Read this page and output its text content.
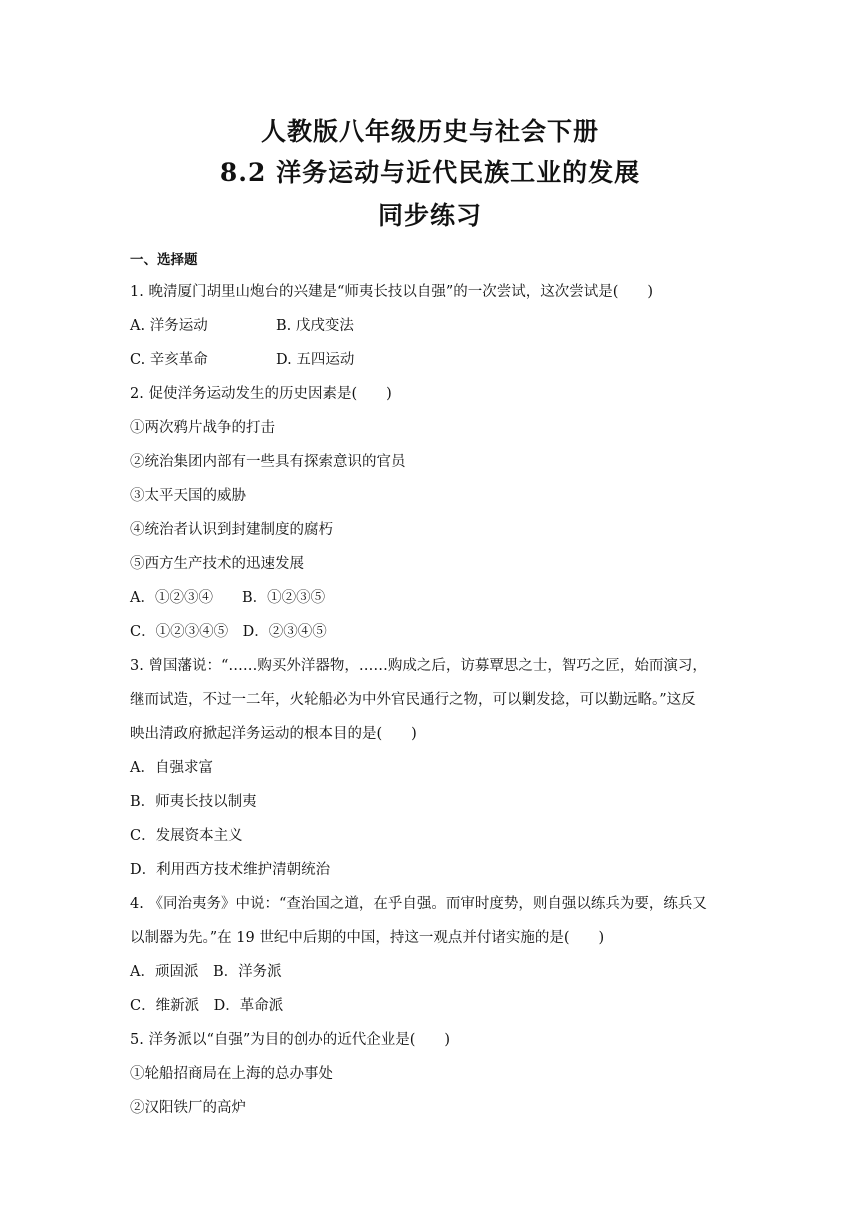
人教版八年级历史与社会下册
8.2 洋务运动与近代民族工业的发展
同步练习
一、选择题
1. 晚清厦门胡里山炮台的兴建是“师夷长技以自强”的一次尝试，这次尝试是(　　)
A. 洋务运动	B. 戊戌变法
C. 辛亥革命	D. 五四运动
2. 促使洋务运动发生的历史因素是(　　)
①两次鸦片战争的打击
②统治集团内部有一些具有探索意识的官员
③太平天国的威胁
④统治者认识到封建制度的腐朽
⑤西方生产技术的迅速发展
A．①②③④　　B．①②③⑤
C．①②③④⑤　D．②③④⑤
3. 曾国藩说：“……购买外洋器物，……购成之后，访募覃思之士，智巧之匠，始而演习，
继而试造，不过一二年，火轮船必为中外官民通行之物，可以剿发捻，可以勤远略。”这反
映出清政府掀起洋务运动的根本目的是(　　)
A．自强求富
B．师夷长技以制夷
C．发展资本主义
D．利用西方技术维护清朝统治
4. 《同治夷务》中说：“查治国之道，在乎自强。而审时度势，则自强以练兵为要，练兵又
以制器为先。”在 19 世纪中后期的中国，持这一观点并付诸实施的是(　　)
A．顽固派　B．洋务派
C．维新派　D．革命派
5. 洋务派以“自强”为目的创办的近代企业是(　　)
①轮船招商局在上海的总办事处
②汉阳铁厂的高炉
